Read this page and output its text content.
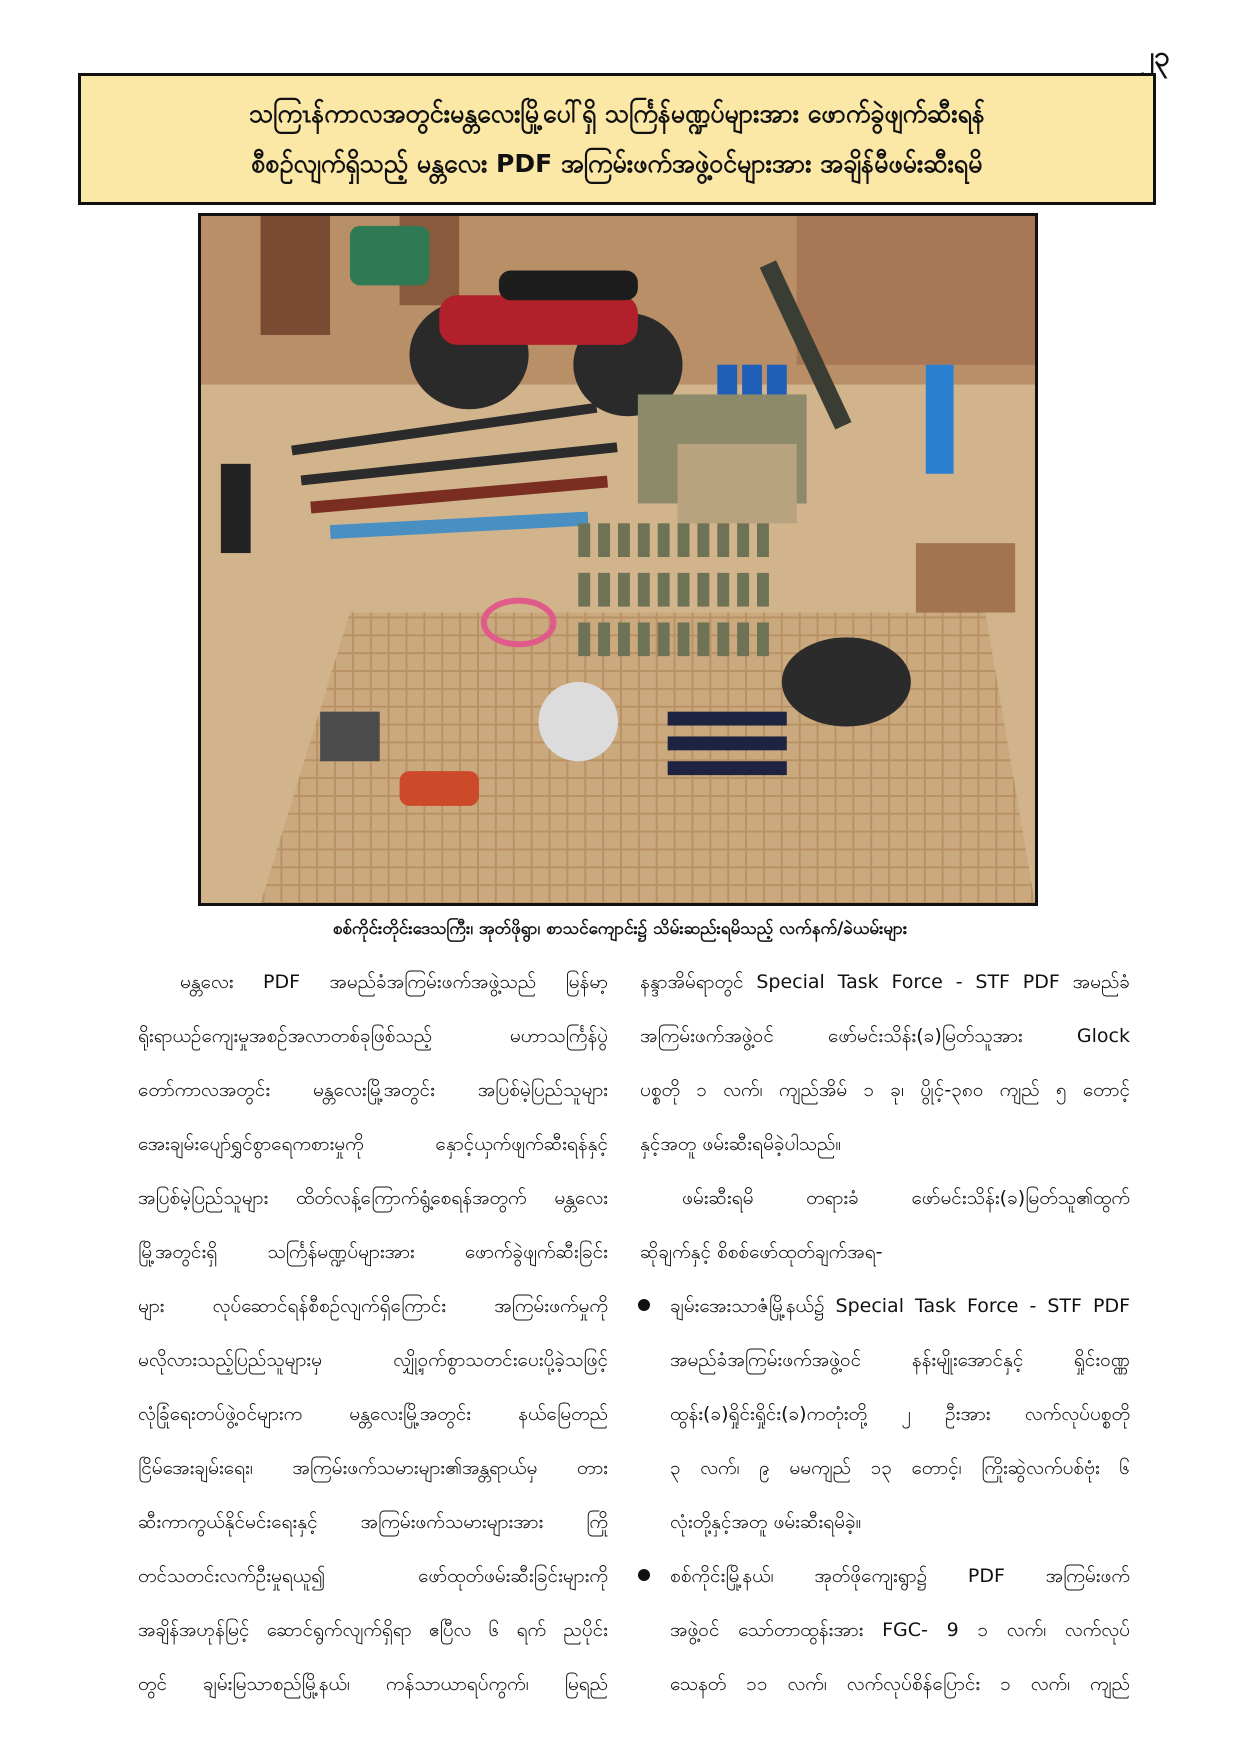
၂၃
သကြၤန်ကာလအတွင်းမန္တလေးမြို့ပေါ်ရှိ သင်္ကြန်မဏ္ဍပ်များအား ဖောက်ခွဲဖျက်ဆီးရန်
စီစဉ်လျက်ရှိသည့် မန္တလေး PDF အကြမ်းဖက်အဖွဲ့ဝင်များအား အချိန်မီဖမ်းဆီးရမိ
စစ်ကိုင်းတိုင်းဒေသကြီး၊ အုတ်ဖိုရွာ၊ စာသင်ကျောင်း၌ သိမ်းဆည်းရမိသည့် လက်နက်/ခဲယမ်းများ
မန္တလေး PDF အမည်ခံအကြမ်းဖက်အဖွဲ့သည် မြန်မာ့
ရိုးရာယဉ်ကျေးမှုအစဉ်အလာတစ်ခုဖြစ်သည့် မဟာသင်္ကြန်ပွဲ
တော်ကာလအတွင်း မန္တလေးမြို့အတွင်း အပြစ်မဲ့ပြည်သူများ
အေးချမ်းပျော်ရွှင်စွာရေကစားမှုကို နှောင့်ယှက်ဖျက်ဆီးရန်နှင့်
အပြစ်မဲ့ပြည်သူများ ထိတ်လန့်ကြောက်ရွံ့စေရန်အတွက် မန္တလေး
မြို့အတွင်းရှိ သင်္ကြန်မဏ္ဍပ်များအား ဖောက်ခွဲဖျက်ဆီးခြင်း
များ လုပ်ဆောင်ရန်စီစဉ်လျက်ရှိကြောင်း အကြမ်းဖက်မှုကို
မလိုလားသည့်ပြည်သူများမှ လျှို့ဝှက်စွာသတင်းပေးပို့ခဲ့သဖြင့်
လုံခြုံရေးတပ်ဖွဲ့ဝင်များက မန္တလေးမြို့အတွင်း နယ်မြေတည်
ငြိမ်အေးချမ်းရေး၊ အကြမ်းဖက်သမားများ၏အန္တရာယ်မှ တား
ဆီးကာကွယ်နိုင်မင်းရေးနှင့် အကြမ်းဖက်သမားများအား ကြို
တင်သတင်းလက်ဦးမှုရယူ၍ ဖော်ထုတ်ဖမ်းဆီးခြင်းများကို
အချိန်အဟုန်မြင့် ဆောင်ရွက်လျက်ရှိရာ ဧပြီလ ၆ ရက် ညပိုင်း
တွင် ချမ်းမြသာစည်မြို့နယ်၊ ကန်သာယာရပ်ကွက်၊ မြရည်
နန္ဒာအိမ်ရာတွင် Special Task Force - STF PDF အမည်ခံ
အကြမ်းဖက်အဖွဲ့ဝင် ဖော်မင်းသိန်း(ခ)မြတ်သူအား Glock
ပစ္စတို ၁ လက်၊ ကျည်အိမ် ၁ ခု၊ ပွိုင့်-၃၈၀ ကျည် ၅ တောင့်
နှင့်အတူ ဖမ်းဆီးရမိခဲ့ပါသည်။
ဖမ်းဆီးရမိ တရားခံ ဖော်မင်းသိန်း(ခ)မြတ်သူ၏ထွက်
ဆိုချက်နှင့် စိစစ်ဖော်ထုတ်ချက်အရ-
ချမ်းအေးသာဇံမြို့နယ်၌ Special Task Force - STF PDF
အမည်ခံအကြမ်းဖက်အဖွဲ့ဝင် နန်းမျိုးအောင်နှင့် ရှိုင်းဝဏ္ဏ
ထွန်း(ခ)ရှိုင်းရှိုင်း(ခ)ကတုံးတို့ ၂ ဦးအား လက်လုပ်ပစ္စတို
၃ လက်၊ ၉ မမကျည် ၁၃ တောင့်၊ ကြိုးဆွဲလက်ပစ်ဗုံး ၆
လုံးတို့နှင့်အတူ ဖမ်းဆီးရမိခဲ့။
စစ်ကိုင်းမြို့နယ်၊ အုတ်ဖိုကျေးရွာ၌ PDF အကြမ်းဖက်
အဖွဲ့ဝင် သော်တာထွန်းအား FGC- 9 ၁ လက်၊ လက်လုပ်
သေနတ် ၁၁ လက်၊ လက်လုပ်စိန်ပြောင်း ၁ လက်၊ ကျည်
